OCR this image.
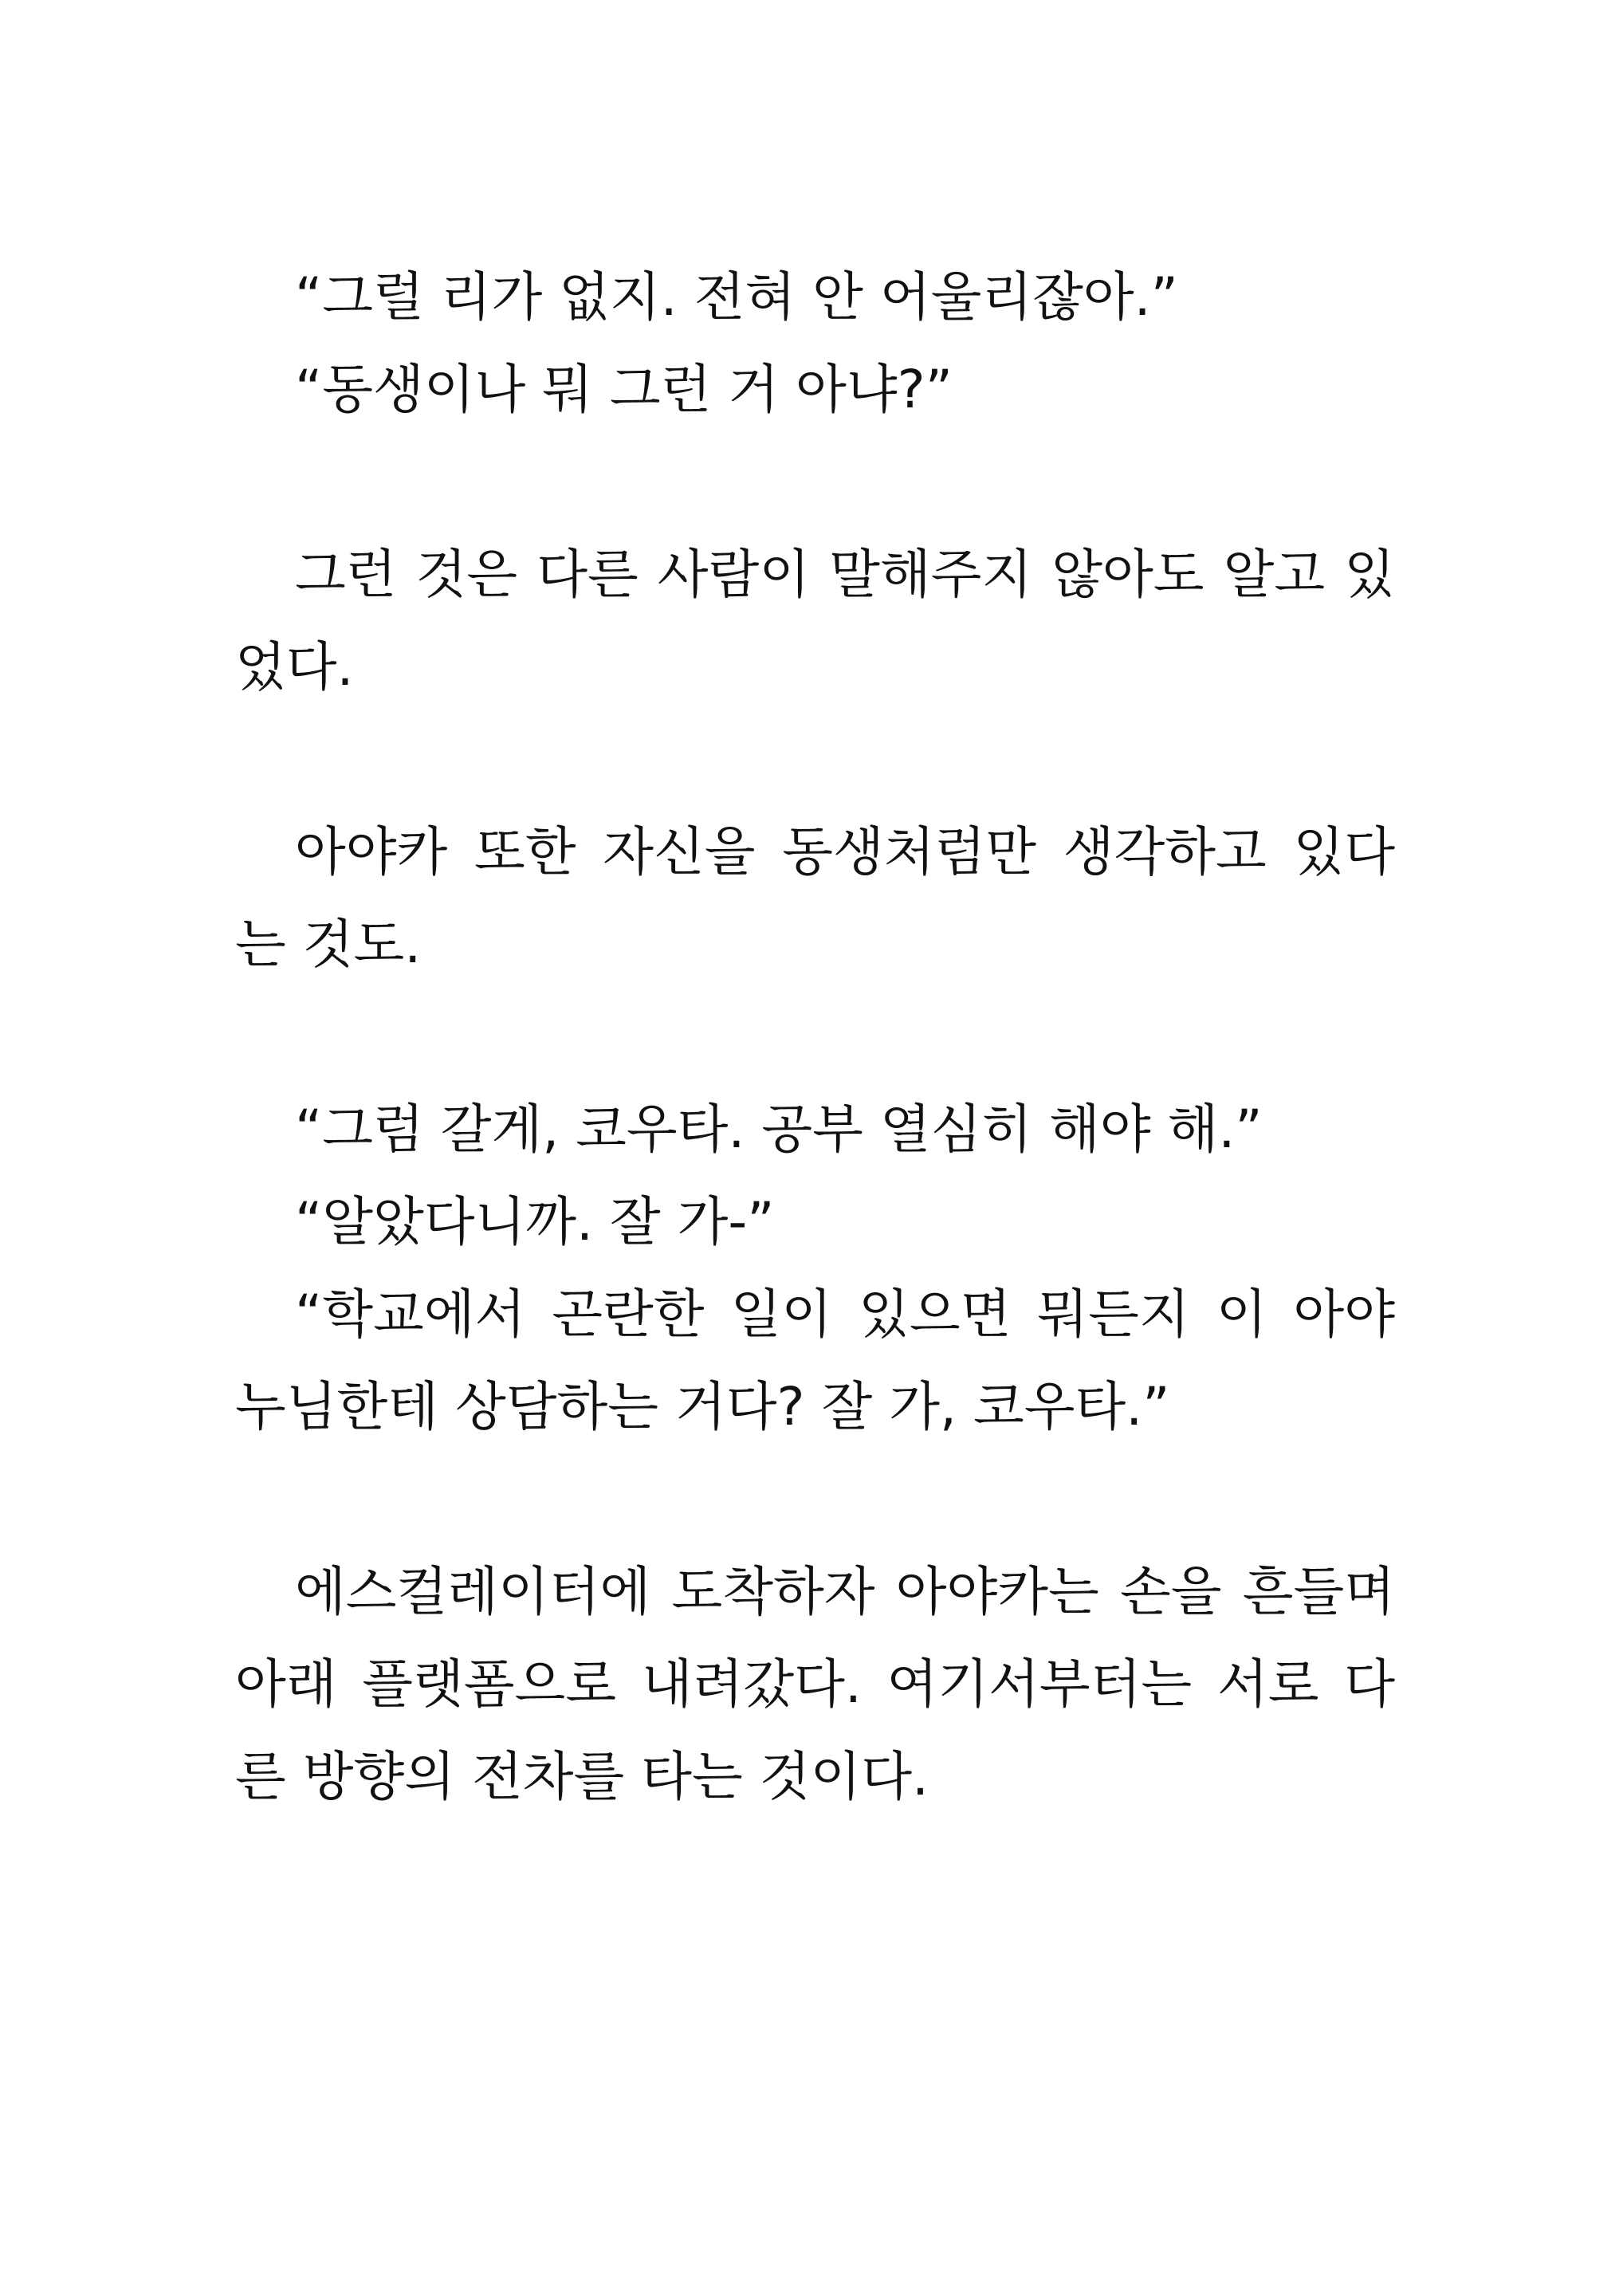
“그럴 리가 없지. 전혀 안 어울리잖아.”

“동생이나 뭐 그런 거 아냐?”

그런 것은 다른 사람이 말해주지 않아도 알고 있었다.

아야카 또한 자신을 동생처럼만 생각하고 있다는 것도.

“그럼 갈게, 코우타. 공부 열심히 해야 해.”

“알았다니까. 잘 가-”

“학교에서 곤란한 일이 있으면 뭐든지 이 아야 누님한테 상담하는 거다? 잘 가, 코우타.”

에스컬레이터에 도착하자 아야카는 손을 흔들며 아래 플랫폼으로 내려갔다. 여기서부터는 서로 다른 방향의 전차를 타는 것이다.
